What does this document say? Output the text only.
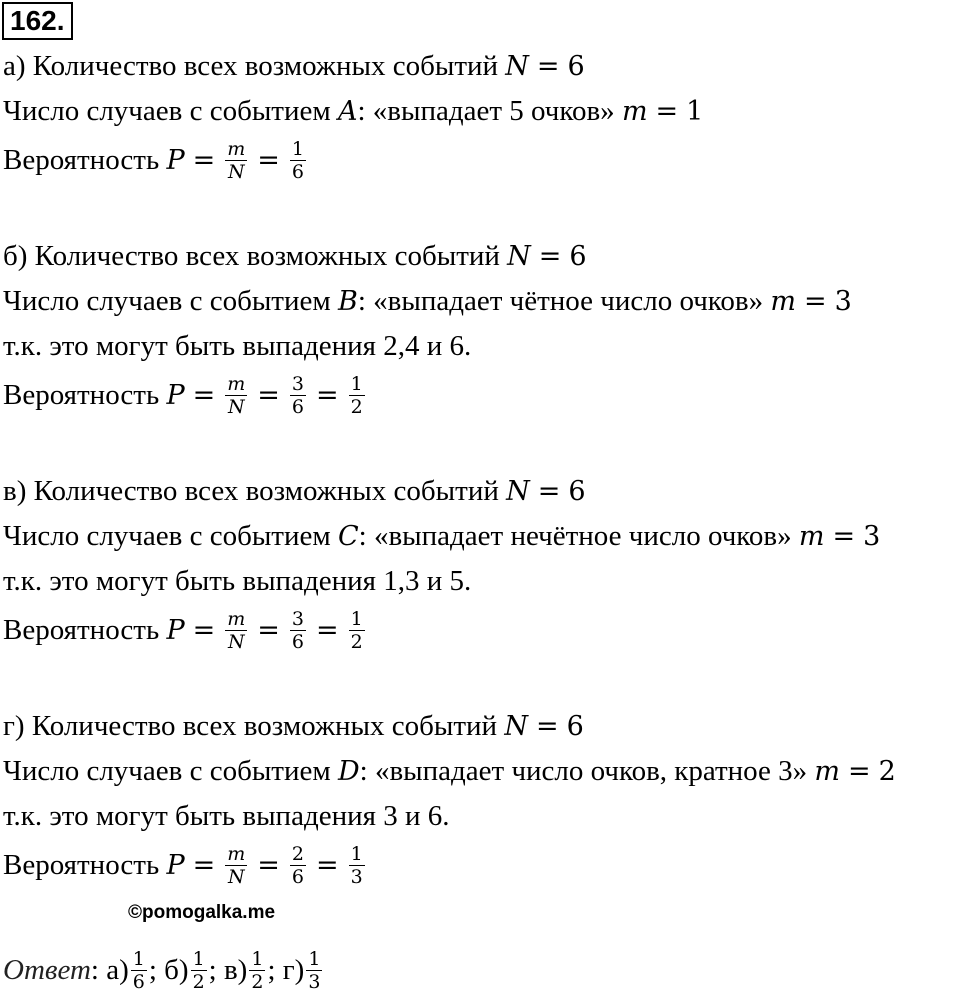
162.
а) Количество всех возможных событий N = 6
Число случаев с событием A: «выпадает 5 очков» m = 1
Вероятность $P = \frac{m}{N} = \frac{1}{6}$
б) Количество всех возможных событий N = 6
Число случаев с событием B: «выпадает чётное число очков» m = 3
т.к. это могут быть выпадения 2,4 и 6.
Вероятность $P = \frac{m}{N} = \frac{3}{6} = \frac{1}{2}$
в) Количество всех возможных событий N = 6
Число случаев с событием C: «выпадает нечётное число очков» m = 3
т.к. это могут быть выпадения 1,3 и 5.
Вероятность $P = \frac{m}{N} = \frac{3}{6} = \frac{1}{2}$
г) Количество всех возможных событий N = 6
Число случаев с событием D: «выпадает число очков, кратное 3» m = 2
т.к. это могут быть выпадения 3 и 6.
Вероятность $P = \frac{m}{N} = \frac{2}{6} = \frac{1}{3}$
©pomogalka.me
Ответ: $а) \frac{1}{6}$ ; $б) \frac{1}{2}$ ; $в) \frac{1}{2}$ ; $г) \frac{1}{3}$
